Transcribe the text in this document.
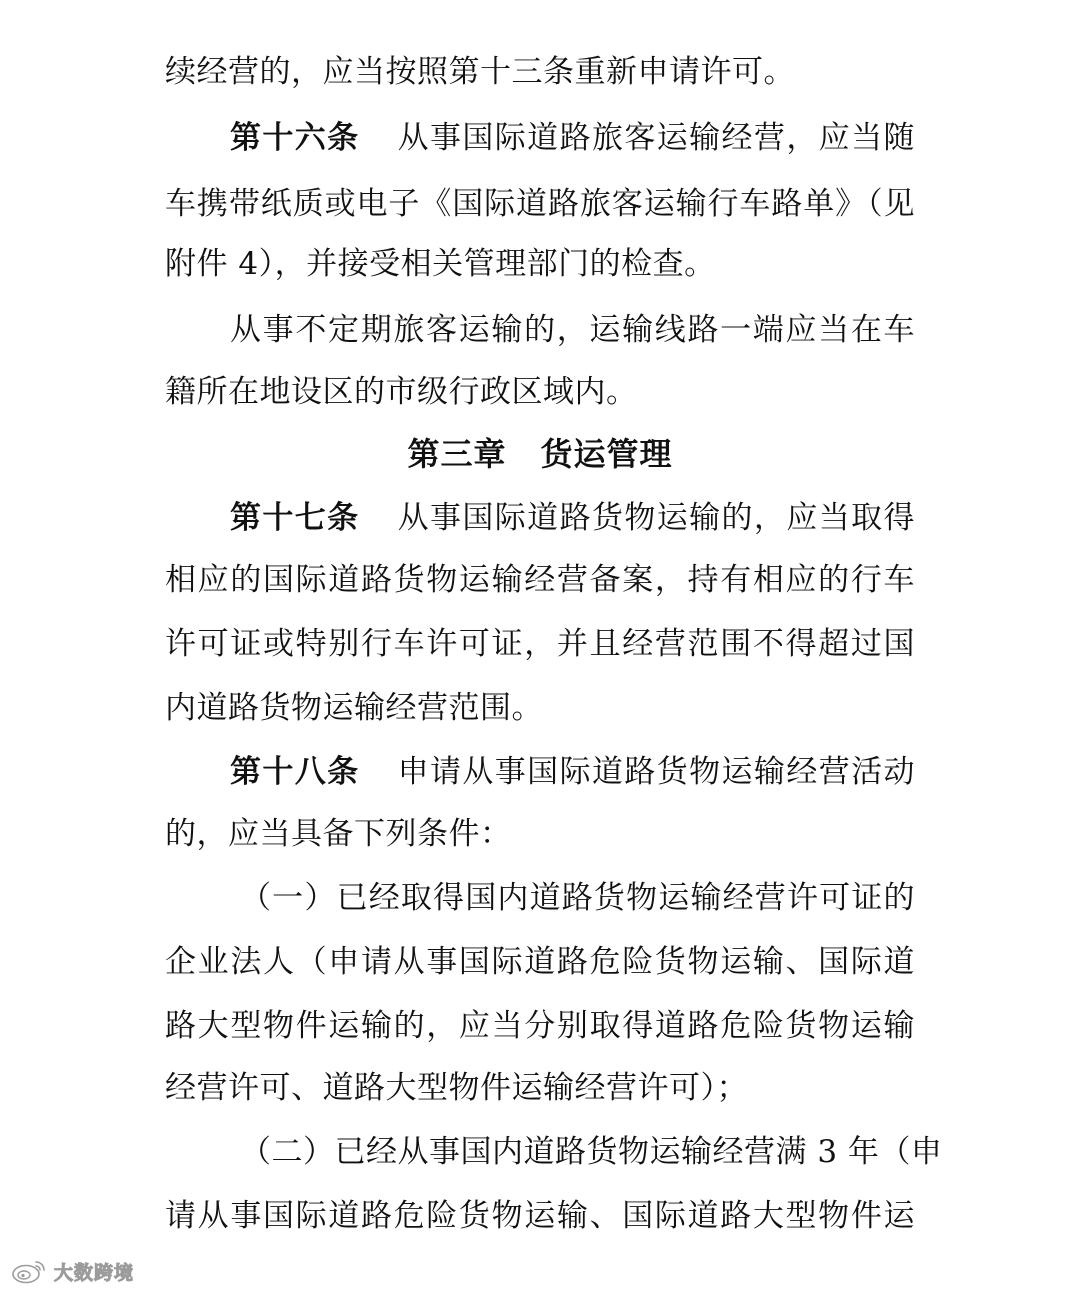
续经营的，应当按照第十三条重新申请许可。
第十六条 从事国际道路旅客运输经营，应当随
车携带纸质或电子《国际道路旅客运输行车路单》（见
附件 4），并接受相关管理部门的检查。
从事不定期旅客运输的，运输线路一端应当在车
籍所在地设区的市级行政区域内。
第三章 货运管理
第十七条 从事国际道路货物运输的，应当取得
相应的国际道路货物运输经营备案，持有相应的行车
许可证或特别行车许可证，并且经营范围不得超过国
内道路货物运输经营范围。
第十八条 申请从事国际道路货物运输经营活动
的，应当具备下列条件：
（一）已经取得国内道路货物运输经营许可证的
企业法人（申请从事国际道路危险货物运输、国际道
路大型物件运输的，应当分别取得道路危险货物运输
经营许可、道路大型物件运输经营许可）；
（二）已经从事国内道路货物运输经营满 3 年（申
请从事国际道路危险货物运输、国际道路大型物件运
大数跨境
